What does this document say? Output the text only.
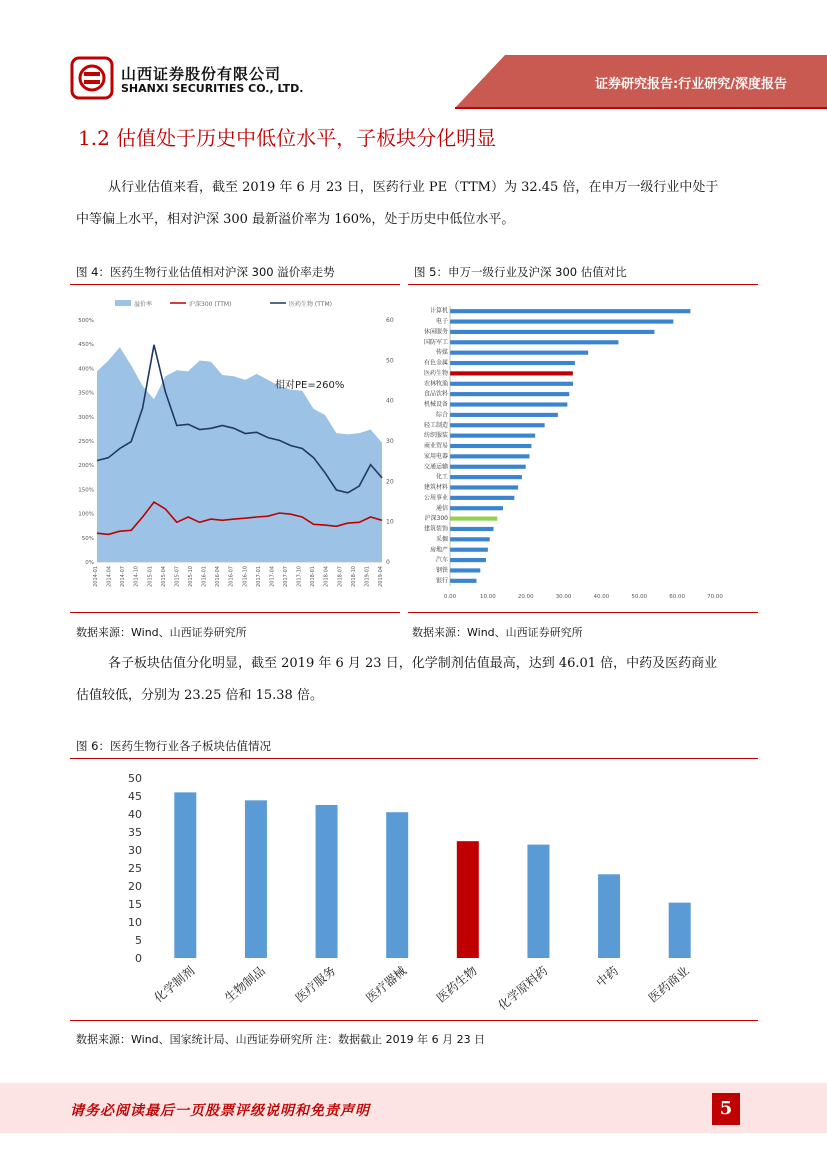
山西证券股份有限公司
SHANXI SECURITIES CO., LTD.	证券研究报告:行业研究/深度报告
1.2 估值处于历史中低位水平，子板块分化明显
从行业估值来看，截至 2019 年 6 月 23 日，医药行业 PE（TTM）为 32.45 倍，在申万一级行业中处于
中等偏上水平，相对沪深 300 最新溢价率为 160%，处于历史中低位水平。
图 4：医药生物行业估值相对沪深 300 溢价率走势	图 5：申万一级行业及沪深 300 估值对比
溢价率	沪深300 (TTM)	医药生物 (TTM)
0%
50%
100%
150%
200%
250%
300%
350%
400%
450%
500%
0
10
20
30
40
50
60
2014-01 2014-04 2014-07 2014-10 2015-01 2015-04 2015-07 2015-10 2016-01 2016-04 2016-07 2016-10 2017-01 2017-04 2017-07 2017-10 2018-01 2018-04 2018-07 2018-10 2019-01 2019-04
相对PE=260%
计算机
电子
休闲服务
国防军工
传媒
有色金属
医药生物
农林牧渔
食品饮料
机械设备
综合
轻工制造
纺织服装
商业贸易
家用电器
交通运输
化工
建筑材料
公用事业
通信
沪深300
建筑装饰
采掘
房地产
汽车
钢铁
银行
0.00	10.00	20.00	30.00	40.00	50.00	60.00	70.00
数据来源：Wind、山西证券研究所	数据来源：Wind、山西证券研究所
各子板块估值分化明显，截至 2019 年 6 月 23 日，化学制剂估值最高，达到 46.01 倍，中药及医药商业
估值较低，分别为 23.25 倍和 15.38 倍。
图 6：医药生物行业各子板块估值情况
0
5
10
15
20
25
30
35
40
45
50
化学制剂 生物制品 医疗服务 医疗器械 医药生物 化学原料药	中药 医药商业
数据来源：Wind、国家统计局、山西证券研究所 注：数据截止 2019 年 6 月 23 日
请务必阅读最后一页股票评级说明和免责声明	5
